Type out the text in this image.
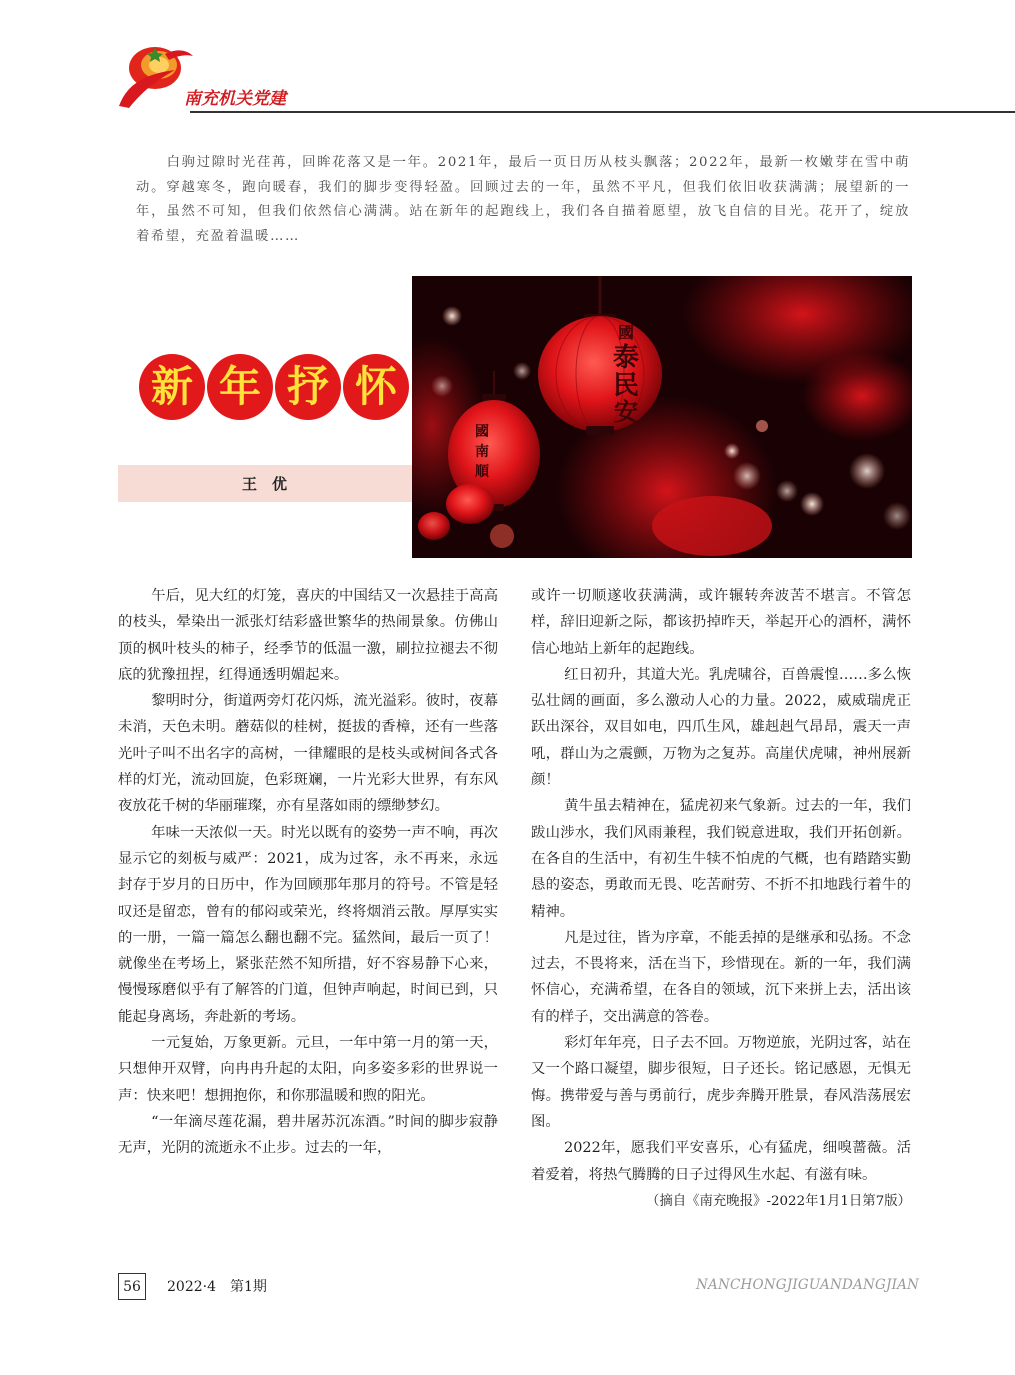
南充机关党建

白驹过隙时光荏苒，回眸花落又是一年。2021年，最后一页日历从枝头飘落；2022年，最新一枚嫩芽在雪中萌动。穿越寒冬，跑向暖春，我们的脚步变得轻盈。回顾过去的一年，虽然不平凡，但我们依旧收获满满；展望新的一年，虽然不可知，但我们依然信心满满。站在新年的起跑线上，我们各自描着愿望，放飞自信的目光。花开了，绽放着希望，充盈着温暖……

新 年 抒 怀
王优
國
泰
民
安
國
南
順

午后，见大红的灯笼，喜庆的中国结又一次悬挂于高高的枝头，晕染出一派张灯结彩盛世繁华的热闹景象。仿佛山顶的枫叶枝头的柿子，经季节的低温一激，刷拉拉褪去不彻底的犹豫扭捏，红得通透明媚起来。

黎明时分，街道两旁灯花闪烁，流光溢彩。彼时，夜幕未消，天色未明。蘑菇似的桂树，挺拔的香樟，还有一些落光叶子叫不出名字的高树，一律耀眼的是枝头或树间各式各样的灯光，流动回旋，色彩斑斓，一片光彩大世界，有东风夜放花千树的华丽璀璨，亦有星落如雨的缥缈梦幻。

年味一天浓似一天。时光以既有的姿势一声不响，再次显示它的刻板与威严：2021，成为过客，永不再来，永远封存于岁月的日历中，作为回顾那年那月的符号。不管是轻叹还是留恋，曾有的郁闷或荣光，终将烟消云散。厚厚实实的一册，一篇一篇怎么翻也翻不完。猛然间，最后一页了！就像坐在考场上，紧张茫然不知所措，好不容易静下心来，慢慢琢磨似乎有了解答的门道，但钟声响起，时间已到，只能起身离场，奔赴新的考场。

一元复始，万象更新。元旦，一年中第一月的第一天，只想伸开双臂，向冉冉升起的太阳，向多姿多彩的世界说一声：快来吧！想拥抱你，和你那温暖和煦的阳光。

“一年滴尽莲花漏，碧井屠苏沉冻酒。”时间的脚步寂静无声，光阴的流逝永不止步。过去的一年，

或许一切顺遂收获满满，或许辗转奔波苦不堪言。不管怎样，辞旧迎新之际，都该扔掉昨天，举起开心的酒杯，满怀信心地站上新年的起跑线。

红日初升，其道大光。乳虎啸谷，百兽震惶……多么恢弘壮阔的画面，多么激动人心的力量。2022，威威瑞虎正跃出深谷，双目如电，四爪生风，雄赳赳气昂昂，震天一声吼，群山为之震颤，万物为之复苏。高崖伏虎啸，神州展新颜！

黄牛虽去精神在，猛虎初来气象新。过去的一年，我们跋山涉水，我们风雨兼程，我们锐意进取，我们开拓创新。在各自的生活中，有初生牛犊不怕虎的气概，也有踏踏实勤恳的姿态，勇敢而无畏、吃苦耐劳、不折不扣地践行着牛的精神。

凡是过往，皆为序章，不能丢掉的是继承和弘扬。不念过去，不畏将来，活在当下，珍惜现在。新的一年，我们满怀信心，充满希望，在各自的领域，沉下来拼上去，活出该有的样子，交出满意的答卷。

彩灯年年亮，日子去不回。万物逆旅，光阴过客，站在又一个路口凝望，脚步很短，日子还长。铭记感恩，无惧无悔。携带爱与善与勇前行，虎步奔腾开胜景，春风浩荡展宏图。

2022年，愿我们平安喜乐，心有猛虎，细嗅蔷薇。活着爱着，将热气腾腾的日子过得风生水起、有滋有味。

（摘自《南充晚报》-2022年1月1日第7版）

56	2022·4　第1期	NANCHONGJIGUANDANGJIAN
